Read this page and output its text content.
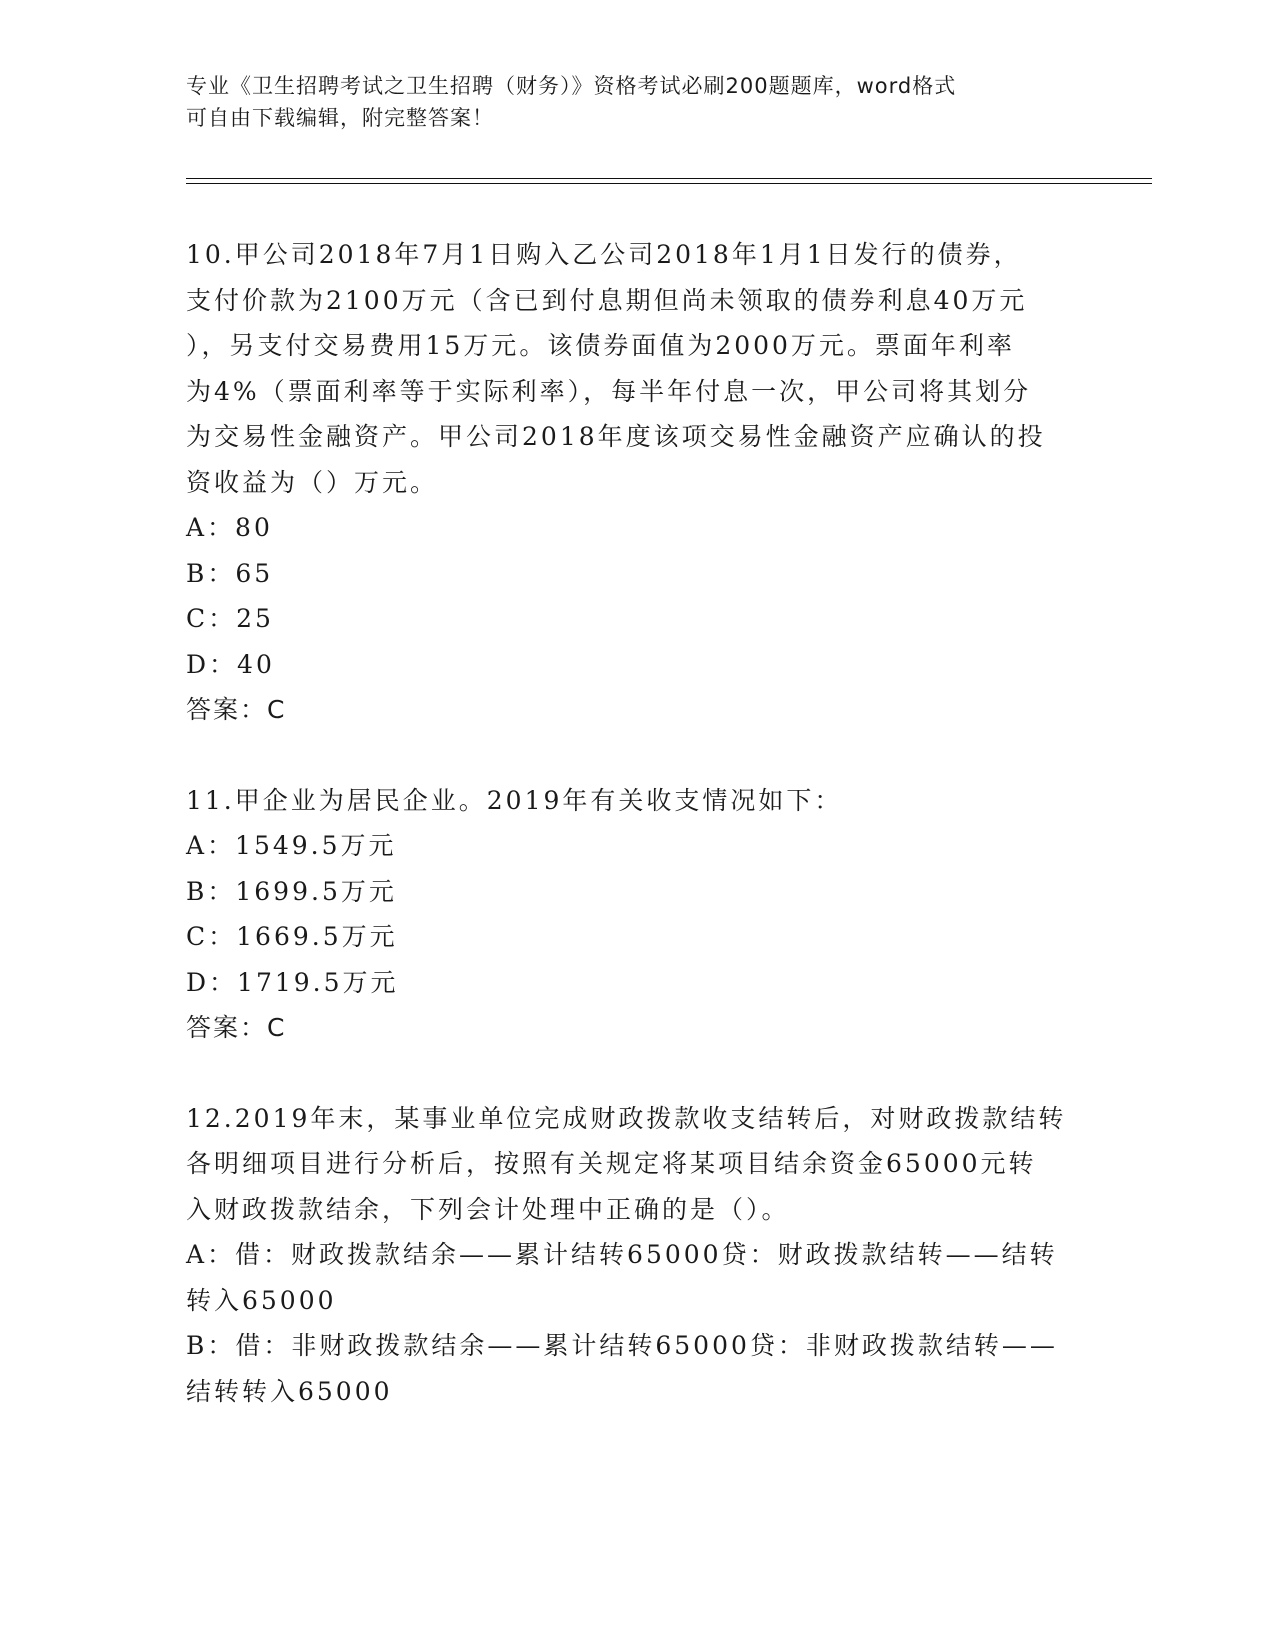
专业《卫生招聘考试之卫生招聘（财务）》资格考试必刷200题题库，word格式
可自由下载编辑，附完整答案！
10.甲公司2018年7月1日购入乙公司2018年1月1日发行的债券，
支付价款为2100万元（含已到付息期但尚未领取的债券利息40万元
），另支付交易费用15万元。该债券面值为2000万元。票面年利率
为4%（票面利率等于实际利率），每半年付息一次，甲公司将其划分
为交易性金融资产。甲公司2018年度该项交易性金融资产应确认的投
资收益为（）万元。
A：80
B：65
C：25
D：40
答案：C
11.甲企业为居民企业。2019年有关收支情况如下：
A：1549.5万元
B：1699.5万元
C：1669.5万元
D：1719.5万元
答案：C
12.2019年末，某事业单位完成财政拨款收支结转后，对财政拨款结转
各明细项目进行分析后，按照有关规定将某项目结余资金65000元转
入财政拨款结余，下列会计处理中正确的是（）。
A：借：财政拨款结余——累计结转65000贷：财政拨款结转——结转
转入65000
B：借：非财政拨款结余——累计结转65000贷：非财政拨款结转——
结转转入65000
